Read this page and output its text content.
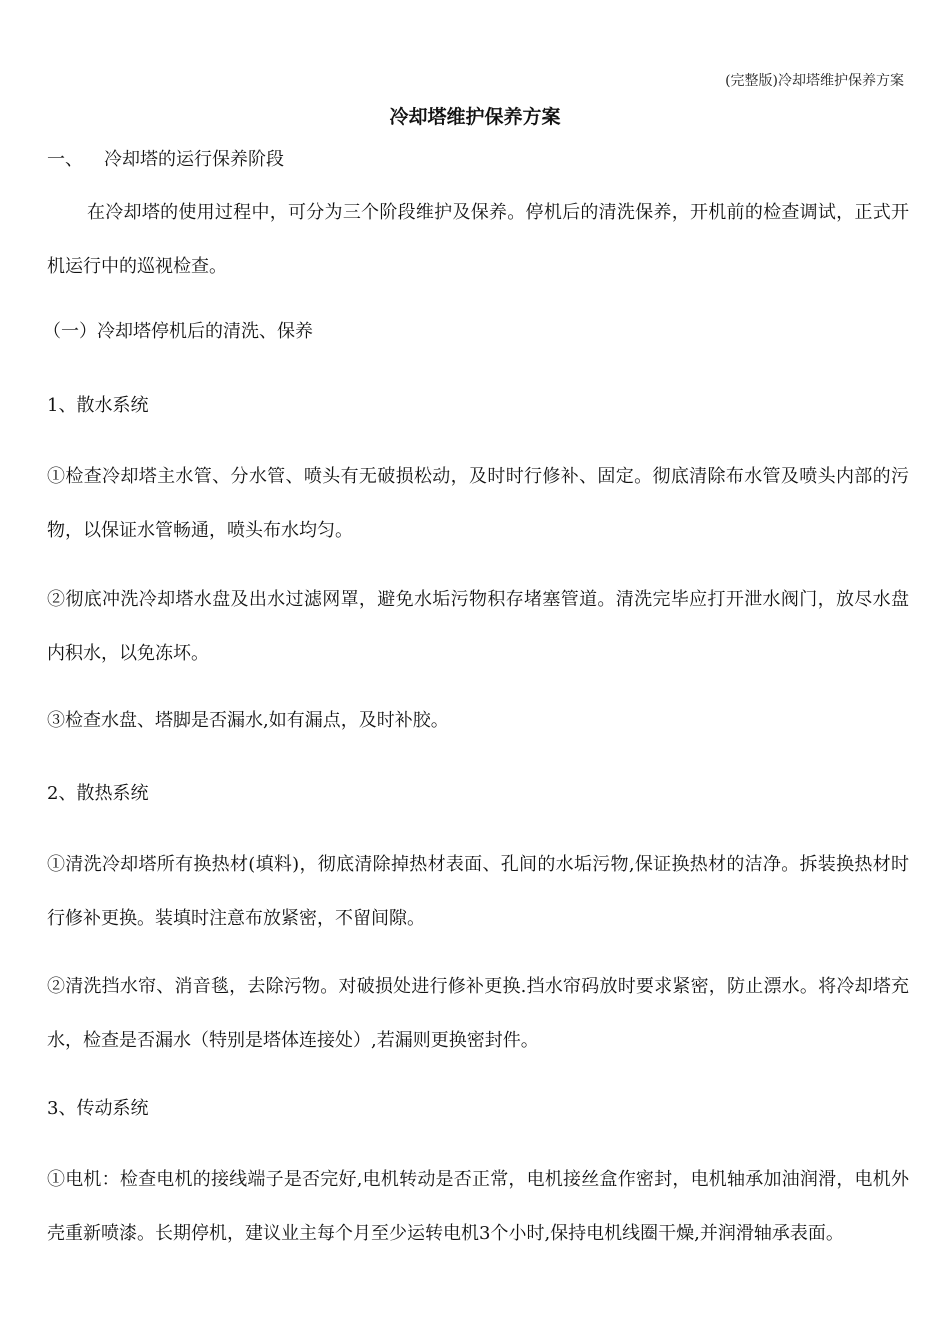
(完整版)冷却塔维护保养方案
冷却塔维护保养方案
一、 冷却塔的运行保养阶段
在冷却塔的使用过程中，可分为三个阶段维护及保养。停机后的清洗保养，开机前的检查调试，正式开机运行中的巡视检查。
（一）冷却塔停机后的清洗、保养
1、散水系统
①检查冷却塔主水管、分水管、喷头有无破损松动，及时时行修补、固定。彻底清除布水管及喷头内部的污物，以保证水管畅通，喷头布水均匀。
②彻底冲洗冷却塔水盘及出水过滤网罩，避免水垢污物积存堵塞管道。清洗完毕应打开泄水阀门，放尽水盘内积水，以免冻坏。
③检查水盘、塔脚是否漏水,如有漏点，及时补胶。
2、散热系统
①清洗冷却塔所有换热材(填料)，彻底清除掉热材表面、孔间的水垢污物,保证换热材的洁净。拆装换热材时行修补更换。装填时注意布放紧密，不留间隙。
②清洗挡水帘、消音毯，去除污物。对破损处进行修补更换.挡水帘码放时要求紧密，防止漂水。将冷却塔充水，检查是否漏水（特别是塔体连接处）,若漏则更换密封件。
3、传动系统
①电机：检查电机的接线端子是否完好,电机转动是否正常，电机接丝盒作密封，电机轴承加油润滑，电机外壳重新喷漆。长期停机，建议业主每个月至少运转电机3个小时,保持电机线圈干燥,并润滑轴承表面。
